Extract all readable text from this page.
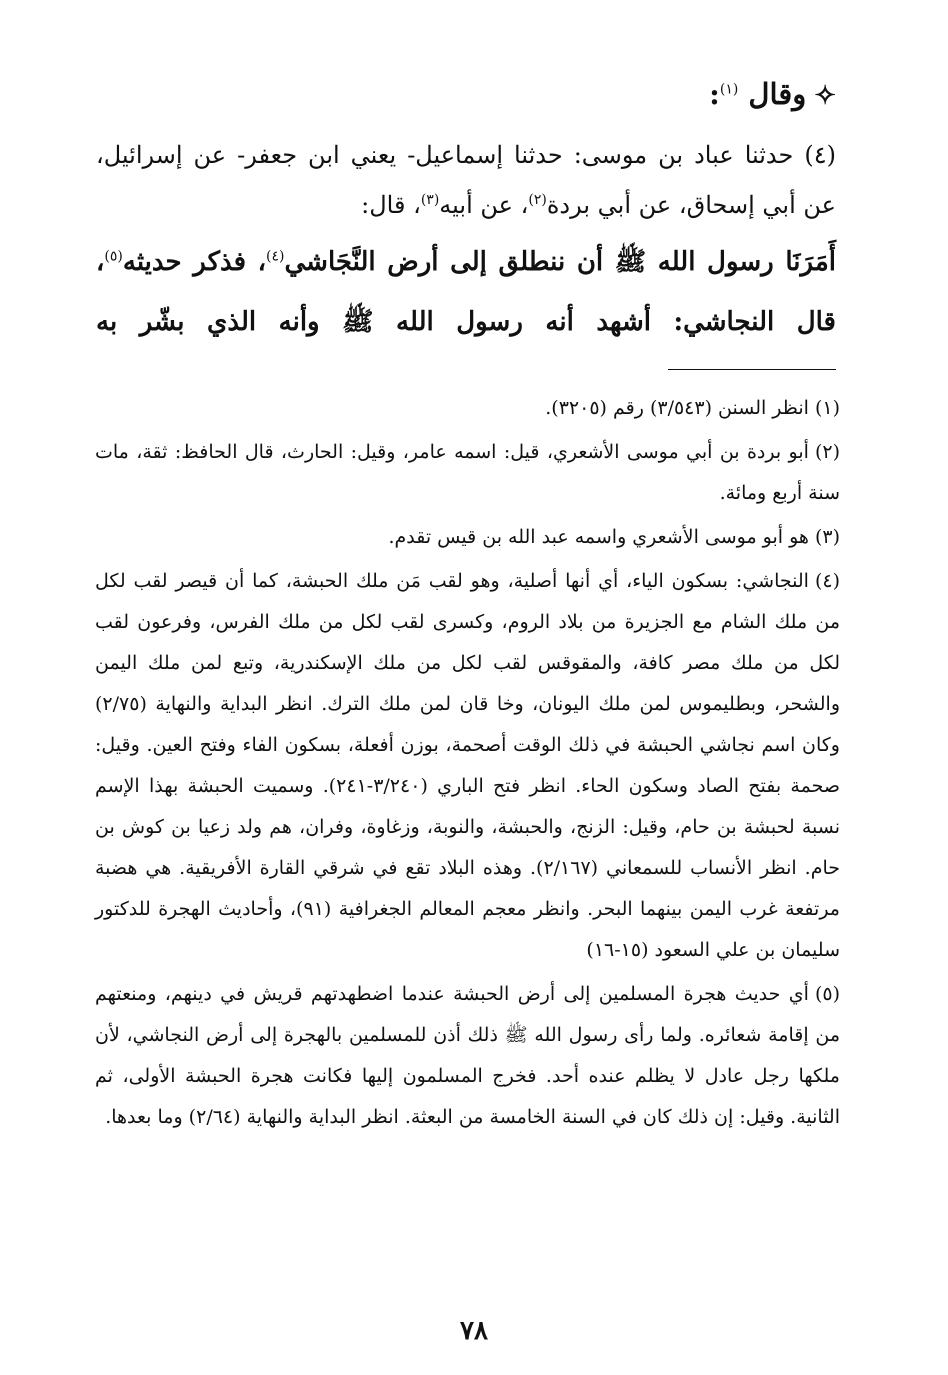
✧وقال $^{(١)}$:
(٤) حدثنا عباد بن موسى: حدثنا إسماعيل- يعني ابن جعفر- عن إسرائيل، عن أبي إسحاق، عن أبي بردة$^{(٢)}$، عن أبيه$^{(٣)}$، قال:
أَمَرَنَا رسول الله ﷺ أن ننطلق إلى أرض النَّجَاشي$^{(٤)}$، فذكر حديثه$^{(٥)}$، قال النجاشي: أشهد أنه رسول الله ﷺ وأنه الذي بشّر به
(١)انظر السنن (٣/٥٤٣) رقم (٣٢٠٥).
(٢)أبو بردة بن أبي موسى الأشعري، قيل: اسمه عامر، وقيل: الحارث، قال الحافظ: ثقة، مات سنة أربع ومائة.
(٣)هو أبو موسى الأشعري واسمه عبد الله بن قيس تقدم.
(٤)النجاشي: بسكون الياء، أي أنها أصلية، وهو لقب مَن ملك الحبشة، كما أن قيصر لقب لكل من ملك الشام مع الجزيرة من بلاد الروم، وكسرى لقب لكل من ملك الفرس، وفرعون لقب لكل من ملك مصر كافة، والمقوقس لقب لكل من ملك الإسكندرية، وتبع لمن ملك اليمن والشحر، وبطليموس لمن ملك اليونان، وخا قان لمن ملك الترك. انظر البداية والنهاية (٢/٧٥) وكان اسم نجاشي الحبشة في ذلك الوقت أصحمة، بوزن أفعلة، بسكون الفاء وفتح العين. وقيل: صحمة بفتح الصاد وسكون الحاء. انظر فتح الباري (٣/٢٤٠-٢٤١). وسميت الحبشة بهذا الإسم نسبة لحبشة بن حام، وقيل: الزنج، والحبشة، والنوبة، وزغاوة، وفران، هم ولد زعيا بن كوش بن حام. انظر الأنساب للسمعاني (٢/١٦٧). وهذه البلاد تقع في شرقي القارة الأفريقية. هي هضبة مرتفعة غرب اليمن بينهما البحر. وانظر معجم المعالم الجغرافية (٩١)، وأحاديث الهجرة للدكتور سليمان بن علي السعود (١٥-١٦)
(٥)أي حديث هجرة المسلمين إلى أرض الحبشة عندما اضطهدتهم قريش في دينهم، ومنعتهم من إقامة شعائره. ولما رأى رسول الله ﷺ ذلك أذن للمسلمين بالهجرة إلى أرض النجاشي، لأن ملكها رجل عادل لا يظلم عنده أحد. فخرج المسلمون إليها فكانت هجرة الحبشة الأولى، ثم الثانية. وقيل: إن ذلك كان في السنة الخامسة من البعثة. انظر البداية والنهاية (٢/٦٤) وما بعدها.
٧٨
